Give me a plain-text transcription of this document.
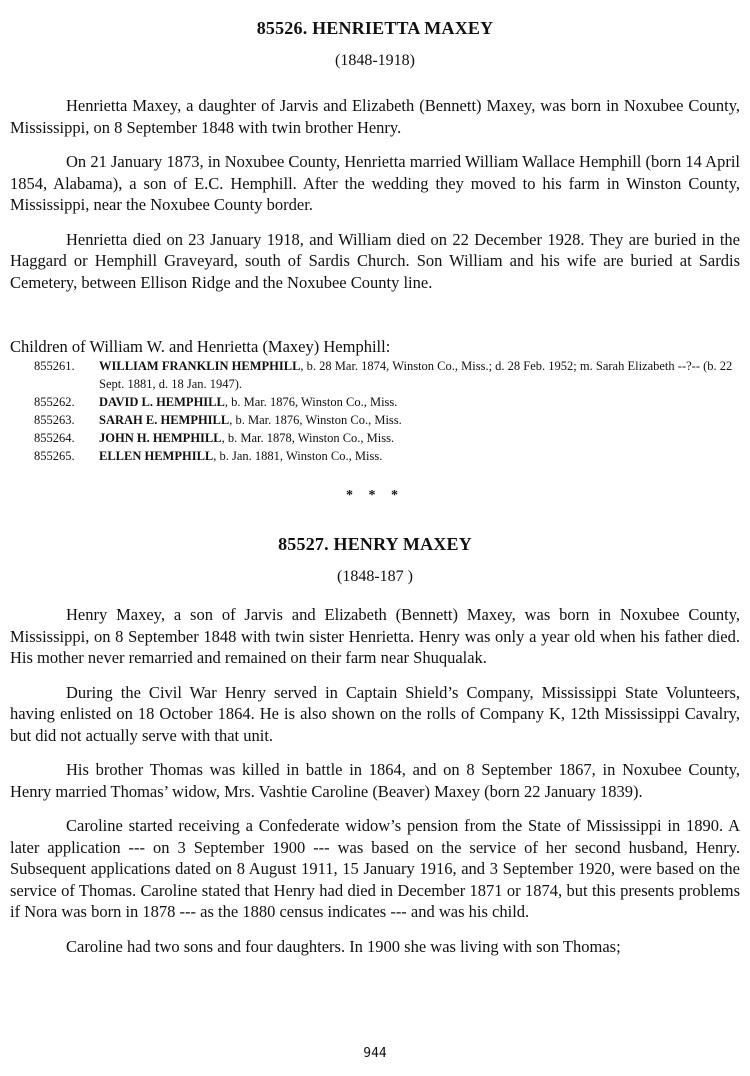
85526. HENRIETTA MAXEY
(1848-1918)

Henrietta Maxey, a daughter of Jarvis and Elizabeth (Bennett) Maxey, was born in Noxubee County, Mississippi, on 8 September 1848 with twin brother Henry.

On 21 January 1873, in Noxubee County, Henrietta married William Wallace Hemphill (born 14 April 1854, Alabama), a son of E.C. Hemphill. After the wedding they moved to his farm in Winston County, Mississippi, near the Noxubee County border.

Henrietta died on 23 January 1918, and William died on 22 December 1928. They are buried in the Haggard or Hemphill Graveyard, south of Sardis Church. Son William and his wife are buried at Sardis Cemetery, between Ellison Ridge and the Noxubee County line.

Children of William W. and Henrietta (Maxey) Hemphill:

855261. WILLIAM FRANKLIN HEMPHILL, b. 28 Mar. 1874, Winston Co., Miss.; d. 28 Feb. 1952; m. Sarah Elizabeth --?-- (b. 22 Sept. 1881, d. 18 Jan. 1947).
855262. DAVID L. HEMPHILL, b. Mar. 1876, Winston Co., Miss.
855263. SARAH E. HEMPHILL, b. Mar. 1876, Winston Co., Miss.
855264. JOHN H. HEMPHILL, b. Mar. 1878, Winston Co., Miss.
855265. ELLEN HEMPHILL, b. Jan. 1881, Winston Co., Miss.
* * *
85527. HENRY MAXEY
(1848-187 )

Henry Maxey, a son of Jarvis and Elizabeth (Bennett) Maxey, was born in Noxubee County, Mississippi, on 8 September 1848 with twin sister Henrietta. Henry was only a year old when his father died. His mother never remarried and remained on their farm near Shuqualak.

During the Civil War Henry served in Captain Shield’s Company, Mississippi State Volunteers, having enlisted on 18 October 1864. He is also shown on the rolls of Company K, 12th Mississippi Cavalry, but did not actually serve with that unit.

His brother Thomas was killed in battle in 1864, and on 8 September 1867, in Noxubee County, Henry married Thomas’ widow, Mrs. Vashtie Caroline (Beaver) Maxey (born 22 January 1839).

Caroline started receiving a Confederate widow’s pension from the State of Mississippi in 1890. A later application --- on 3 September 1900 --- was based on the service of her second husband, Henry. Subsequent applications dated on 8 August 1911, 15 January 1916, and 3 September 1920, were based on the service of Thomas. Caroline stated that Henry had died in December 1871 or 1874, but this presents problems if Nora was born in 1878 --- as the 1880 census indicates --- and was his child.

Caroline had two sons and four daughters. In 1900 she was living with son Thomas;

944
